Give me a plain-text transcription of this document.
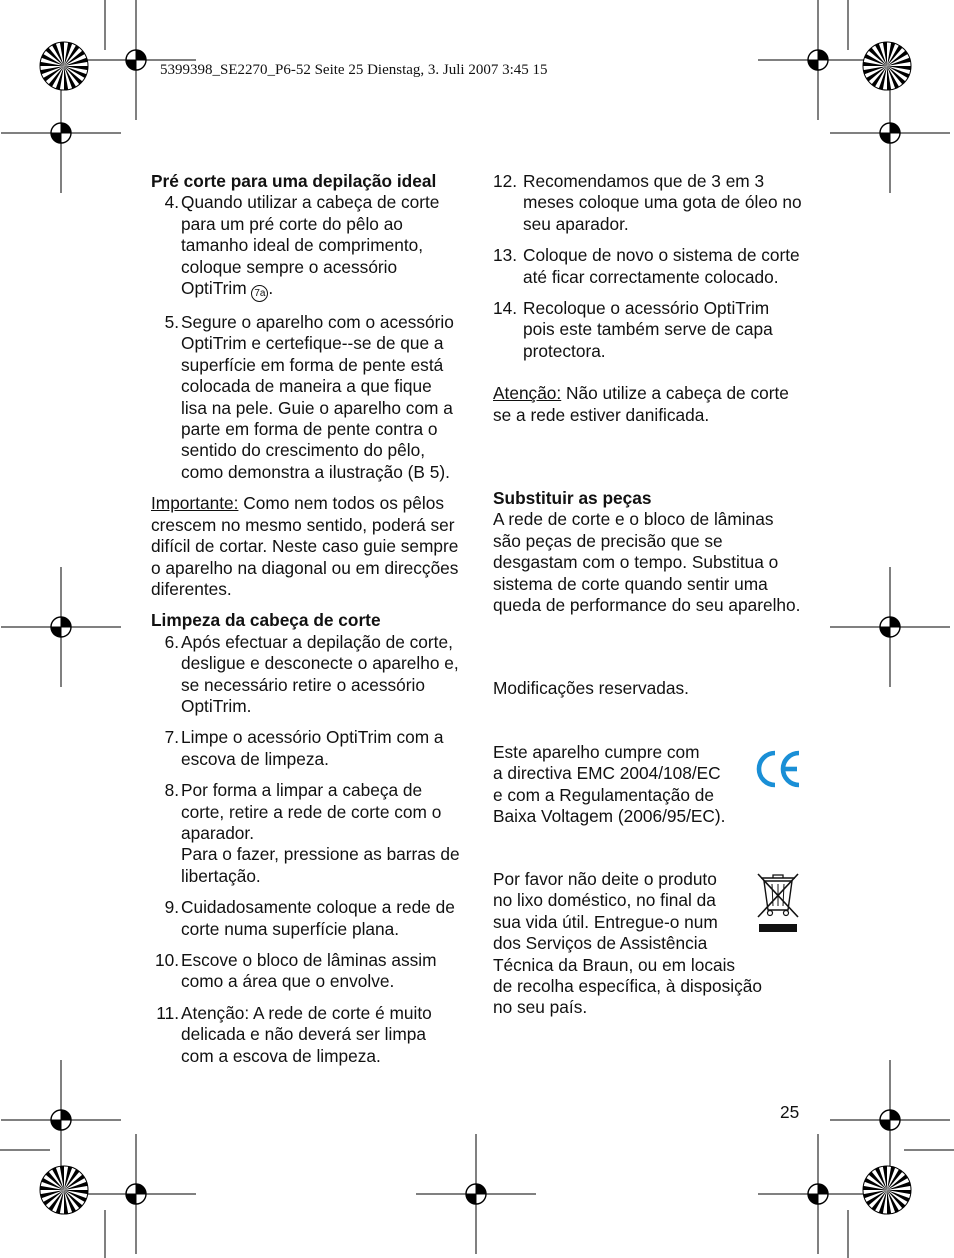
5399398_SE2270_P6-52 Seite 25 Dienstag, 3. Juli 2007 3:45 15
Pré corte para uma depilação ideal
4. Quando utilizar a cabeça de corte para um pré corte do pêlo ao tamanho ideal de comprimento, coloque sempre o acessório OptiTrim 7a .
5. Segure o aparelho com o acessório OptiTrim e certefique--se de que a superfície em forma de pente está colocada de maneira a que fique lisa na pele. Guie o aparelho com a parte em forma de pente contra o sentido do crescimento do pêlo, como demonstra a ilustração (B 5).
Importante: Como nem todos os pêlos crescem no mesmo sentido, poderá ser difícil de cortar. Neste caso guie sempre o aparelho na diagonal ou em direcções diferentes.
Limpeza da cabeça de corte
6. Após efectuar a depilação de corte, desligue e desconecte o aparelho e, se necessário retire o acessório OptiTrim.
7. Limpe o acessório OptiTrim com a escova de limpeza.
8. Por forma a limpar a cabeça de corte, retire a rede de corte com o aparador.
Para o fazer, pressione as barras de libertação.
9. Cuidadosamente coloque a rede de corte numa superfície plana.
10. Escove o bloco de lâminas assim como a área que o envolve.
11. Atenção: A rede de corte é muito delicada e não deverá ser limpa com a escova de limpeza.
12. Recomendamos que de 3 em 3 meses coloque uma gota de óleo no seu aparador.
13. Coloque de novo o sistema de corte até ficar correctamente colocado.
14. Recoloque o acessório OptiTrim pois este também serve de capa protectora.
Atenção: Não utilize a cabeça de corte se a rede estiver danificada.
Substituir as peças
A rede de corte e o bloco de lâminas são peças de precisão que se desgastam com o tempo. Substitua o sistema de corte quando sentir uma queda de performance do seu aparelho.
Modificações reservadas.
Este aparelho cumpre com
a directiva EMC 2004/108/EC
e com a Regulamentação de
Baixa Voltagem (2006/95/EC).
Por favor não deite o produto
no lixo doméstico, no final da
sua vida útil. Entregue-o num
dos Serviços de Assistência
Técnica da Braun, ou em locais
de recolha específica, à disposição
no seu país.
25
